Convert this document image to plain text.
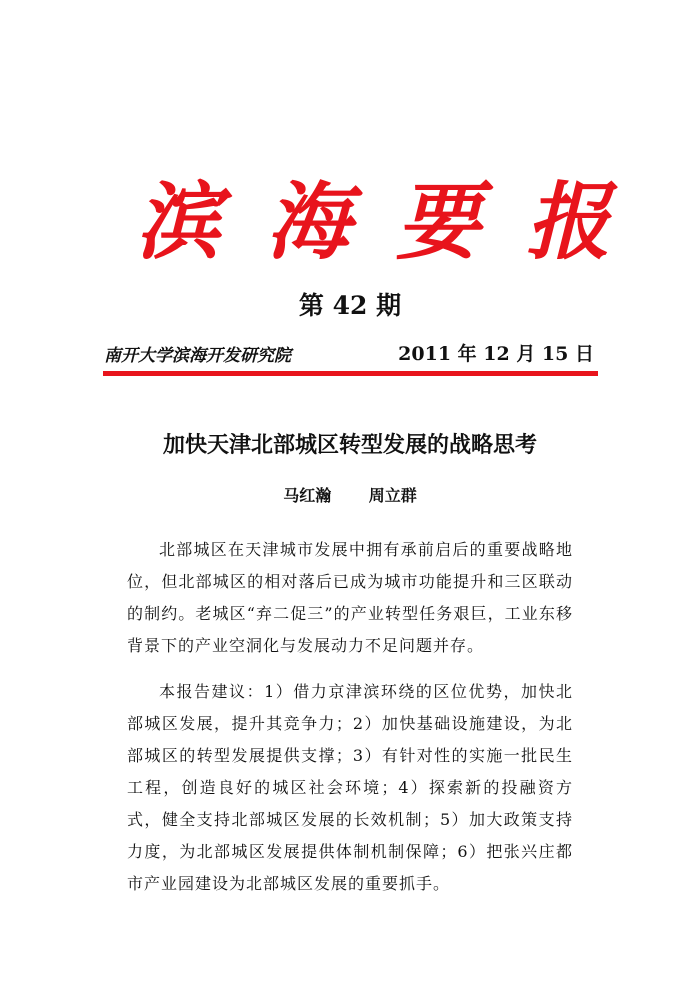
滨海要报
第 42 期
南开大学滨海开发研究院	2011 年 12 月 15 日
加快天津北部城区转型发展的战略思考
马红瀚 周立群

北部城区在天津城市发展中拥有承前启后的重要战略地位，但北部城区的相对落后已成为城市功能提升和三区联动的制约。老城区“弃二促三”的产业转型任务艰巨，工业东移背景下的产业空洞化与发展动力不足问题并存。

本报告建议：1）借力京津滨环绕的区位优势，加快北部城区发展，提升其竞争力；2）加快基础设施建设，为北部城区的转型发展提供支撑；3）有针对性的实施一批民生工程，创造良好的城区社会环境；4）探索新的投融资方式，健全支持北部城区发展的长效机制；5）加大政策支持力度，为北部城区发展提供体制机制保障；6）把张兴庄都市产业园建设为北部城区发展的重要抓手。
